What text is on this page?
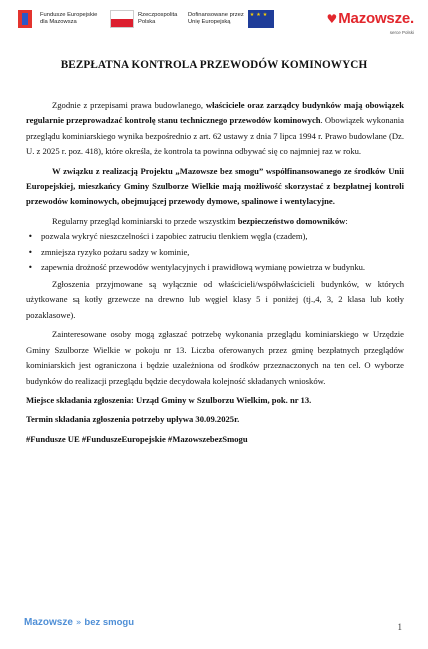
Fundusze Europejskie
dla Mazowsza
Rzeczpospolita
Polska
Dofinansowane przez
Unię Europejską
★★★	♥ Mazowsze.
serce Polski
BEZPŁATNA KONTROLA PRZEWODÓW KOMINOWYCH

Zgodnie z przepisami prawa budowlanego, właściciele oraz zarządcy budynków mają obowiązek regularnie przeprowadzać kontrolę stanu technicznego przewodów kominowych. Obowiązek wykonania przeglądu kominiarskiego wynika bezpośrednio z art. 62 ustawy z dnia 7 lipca 1994 r. Prawo budowlane (Dz. U. z 2025 r. poz. 418), które określa, że kontrola ta powinna odbywać się co najmniej raz w roku.

W związku z realizacją Projektu „Mazowsze bez smogu” współfinansowanego ze środków Unii Europejskiej, mieszkańcy Gminy Szulborze Wielkie mają możliwość skorzystać z bezpłatnej kontroli przewodów kominowych, obejmującej przewody dymowe, spalinowe i wentylacyjne.

Regularny przegląd kominiarski to przede wszystkim bezpieczeństwo domowników:

• pozwala wykryć nieszczelności i zapobiec zatruciu tlenkiem węgla (czadem),
• zmniejsza ryzyko pożaru sadzy w kominie,
• zapewnia drożność przewodów wentylacyjnych i prawidłową wymianę powietrza w budynku.

Zgłoszenia przyjmowane są wyłącznie od właścicieli/współwłaścicieli budynków, w których użytkowane są kotły grzewcze na drewno lub węgiel klasy 5 i poniżej (tj.,4, 3, 2 klasa lub kotły pozaklasowe).

Zainteresowane osoby mogą zgłaszać potrzebę wykonania przeglądu kominiarskiego w Urzędzie Gminy Szulborze Wielkie w pokoju nr 13. Liczba oferowanych przez gminę bezpłatnych przeglądów kominiarskich jest ograniczona i będzie uzależniona od środków przeznaczonych na ten cel. O wyborze budynków do realizacji przeglądu będzie decydowała kolejność składanych wniosków.

Miejsce składania zgłoszenia: Urząd Gminy w Szulborzu Wielkim, pok. nr 13.

Termin składania zgłoszenia potrzeby upływa 30.09.2025r.

#Fundusze UE #FunduszeEuropejskie #MazowszebezSmogu

Mazowsze » bez smogu	1
